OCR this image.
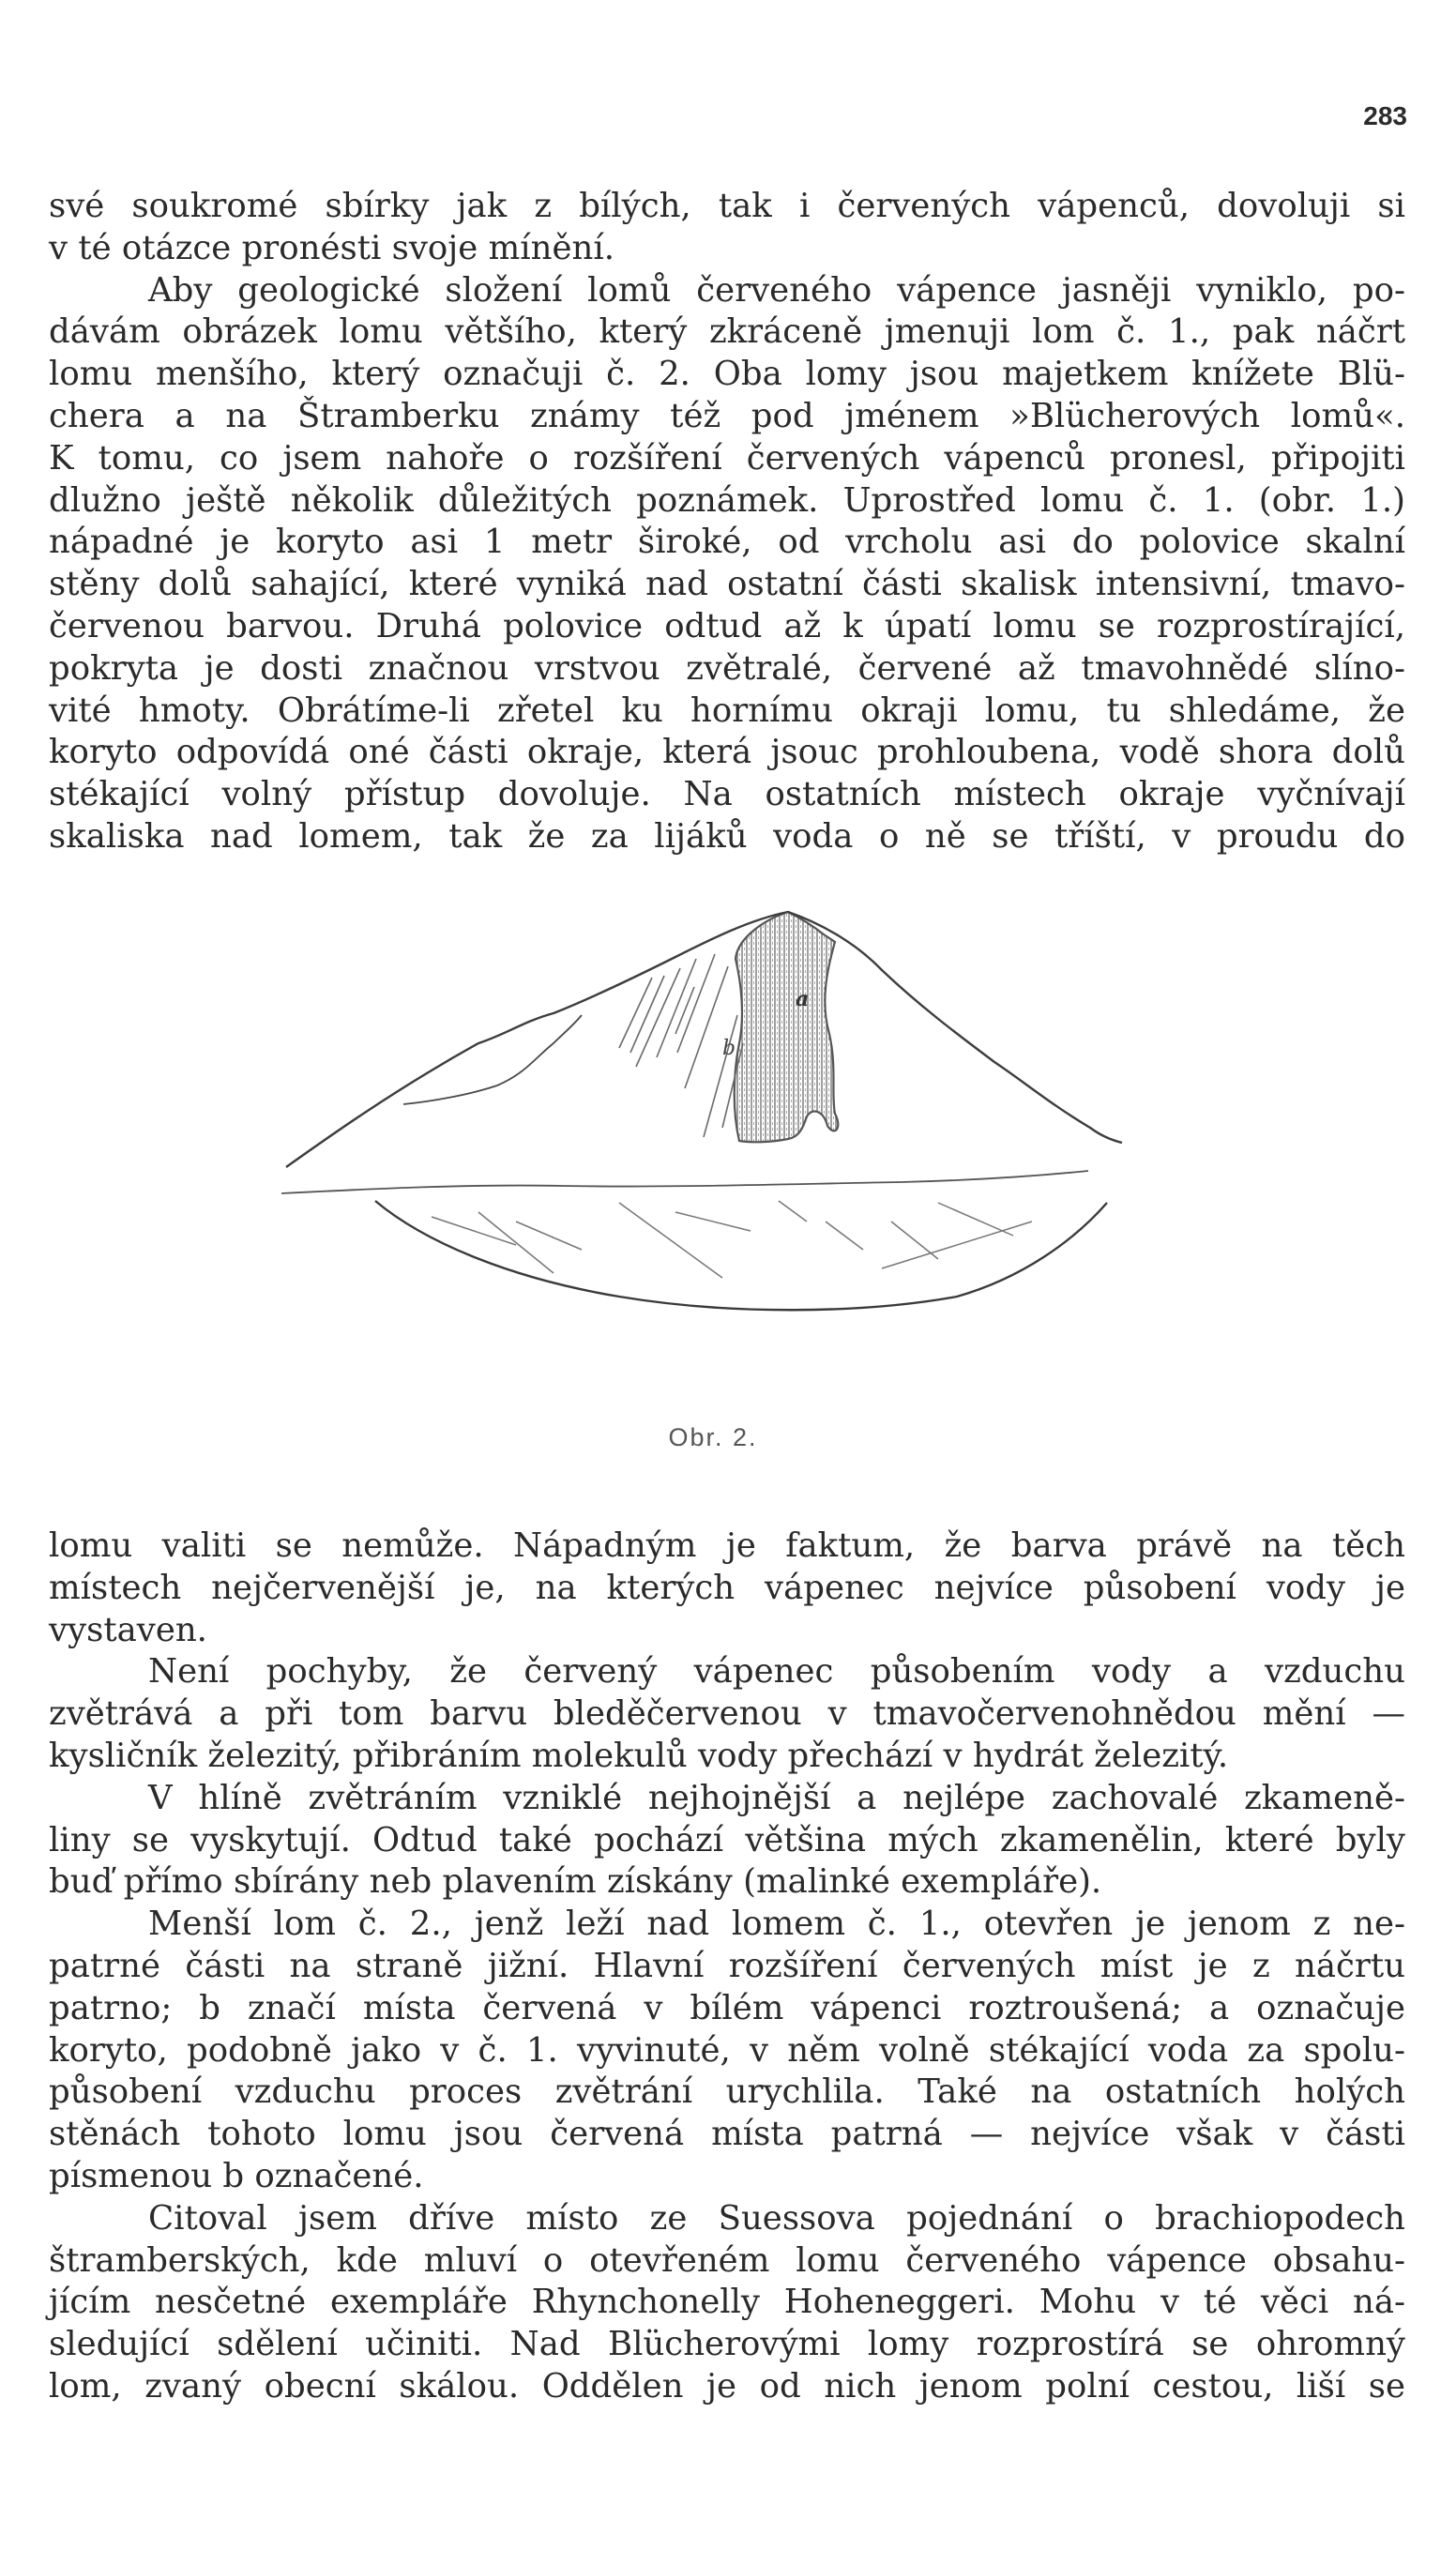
283
své soukromé sbírky jak z bílých, tak i červených vápenců, dovoluji si
v té otázce pronésti svoje mínění.
Aby geologické složení lomů červeného vápence jasněji vyniklo, po-
dávám obrázek lomu většího, který zkráceně jmenuji lom č. 1., pak náčrt
lomu menšího, který označuji č. 2. Oba lomy jsou majetkem knížete Blü-
chera a na Štramberku známy též pod jménem »Blücherových lomů«.
K tomu, co jsem nahoře o rozšíření červených vápenců pronesl, připojiti
dlužno ještě několik důležitých poznámek. Uprostřed lomu č. 1. (obr. 1.)
nápadné je koryto asi 1 metr široké, od vrcholu asi do polovice skalní
stěny dolů sahající, které vyniká nad ostatní části skalisk intensivní, tmavo-
červenou barvou. Druhá polovice odtud až k úpatí lomu se rozprostírající,
pokryta je dosti značnou vrstvou zvětralé, červené až tmavohnědé slíno-
vité hmoty. Obrátíme-li zřetel ku hornímu okraji lomu, tu shledáme, že
koryto odpovídá oné části okraje, která jsouc prohloubena, vodě shora dolů
stékající volný přístup dovoluje. Na ostatních místech okraje vyčnívají
skaliska nad lomem, tak že za lijáků voda o ně se tříští, v proudu do
a
b
Obr. 2.
lomu valiti se nemůže. Nápadným je faktum, že barva právě na těch
místech nejčervenější je, na kterých vápenec nejvíce působení vody je
vystaven.
Není pochyby, že červený vápenec působením vody a vzduchu
zvětrává a při tom barvu bleděčervenou v tmavočervenohnědou mění —
kysličník železitý, přibráním molekulů vody přechází v hydrát železitý.
V hlíně zvětráním vzniklé nejhojnější a nejlépe zachovalé zkameně-
liny se vyskytují. Odtud také pochází většina mých zkamenělin, které byly
buď přímo sbírány neb plavením získány (malinké exempláře).
Menší lom č. 2., jenž leží nad lomem č. 1., otevřen je jenom z ne-
patrné části na straně jižní. Hlavní rozšíření červených míst je z náčrtu
patrno; b značí místa červená v bílém vápenci roztroušená; a označuje
koryto, podobně jako v č. 1. vyvinuté, v něm volně stékající voda za spolu-
působení vzduchu proces zvětrání urychlila. Také na ostatních holých
stěnách tohoto lomu jsou červená místa patrná — nejvíce však v části
písmenou b označené.
Citoval jsem dříve místo ze Suessova pojednání o brachiopodech
štramberských, kde mluví o otevřeném lomu červeného vápence obsahu-
jícím nesčetné exempláře Rhynchonelly Hoheneggeri. Mohu v té věci ná-
sledující sdělení učiniti. Nad Blücherovými lomy rozprostírá se ohromný
lom, zvaný obecní skálou. Oddělen je od nich jenom polní cestou, liší se
